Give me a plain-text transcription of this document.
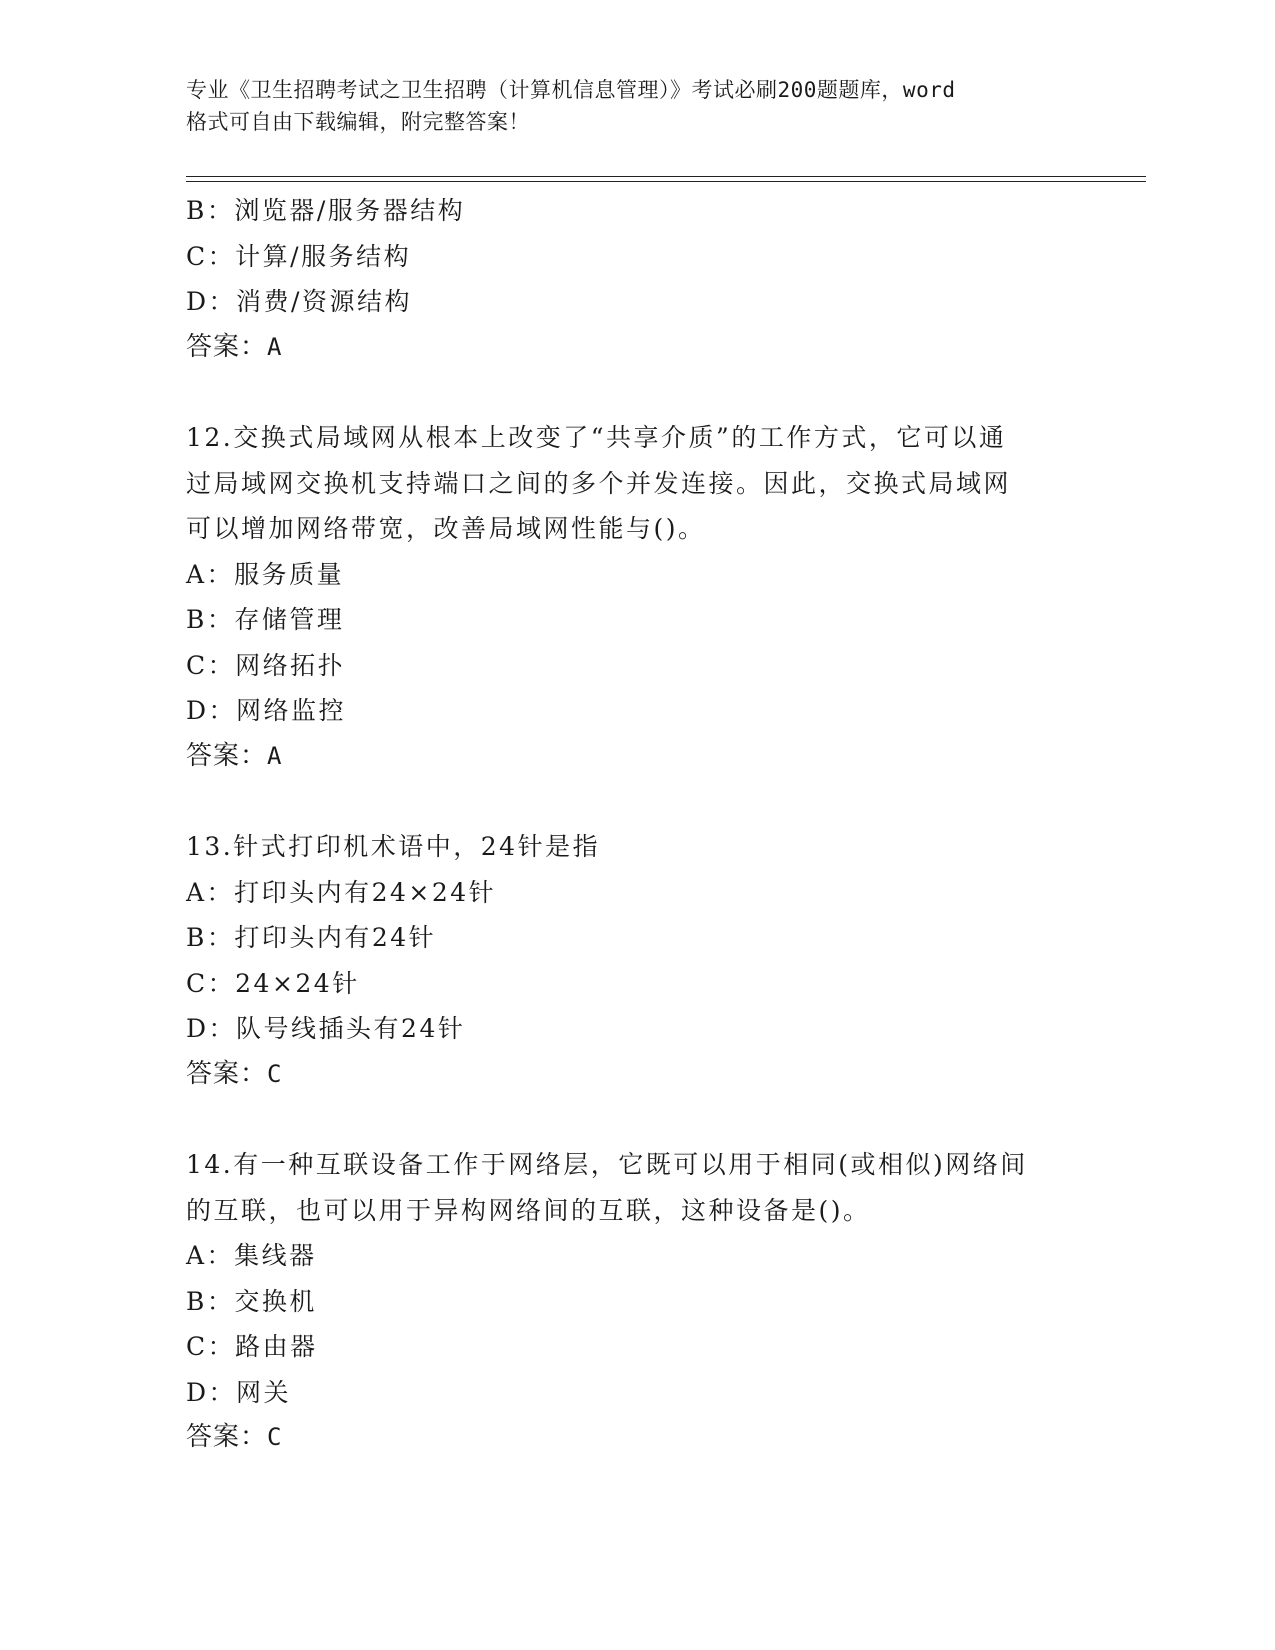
专业《卫生招聘考试之卫生招聘（计算机信息管理）》考试必刷200题题库，word
格式可自由下载编辑，附完整答案！
B：浏览器/服务器结构
C：计算/服务结构
D：消费/资源结构
答案：A
12.交换式局域网从根本上改变了“共享介质”的工作方式，它可以通
过局域网交换机支持端口之间的多个并发连接。因此，交换式局域网
可以增加网络带宽，改善局域网性能与()。
A：服务质量
B：存储管理
C：网络拓扑
D：网络监控
答案：A
13.针式打印机术语中，24针是指
A：打印头内有24×24针
B：打印头内有24针
C：24×24针
D：队号线插头有24针
答案：C
14.有一种互联设备工作于网络层，它既可以用于相同(或相似)网络间
的互联，也可以用于异构网络间的互联，这种设备是()。
A：集线器
B：交换机
C：路由器
D：网关
答案：C
